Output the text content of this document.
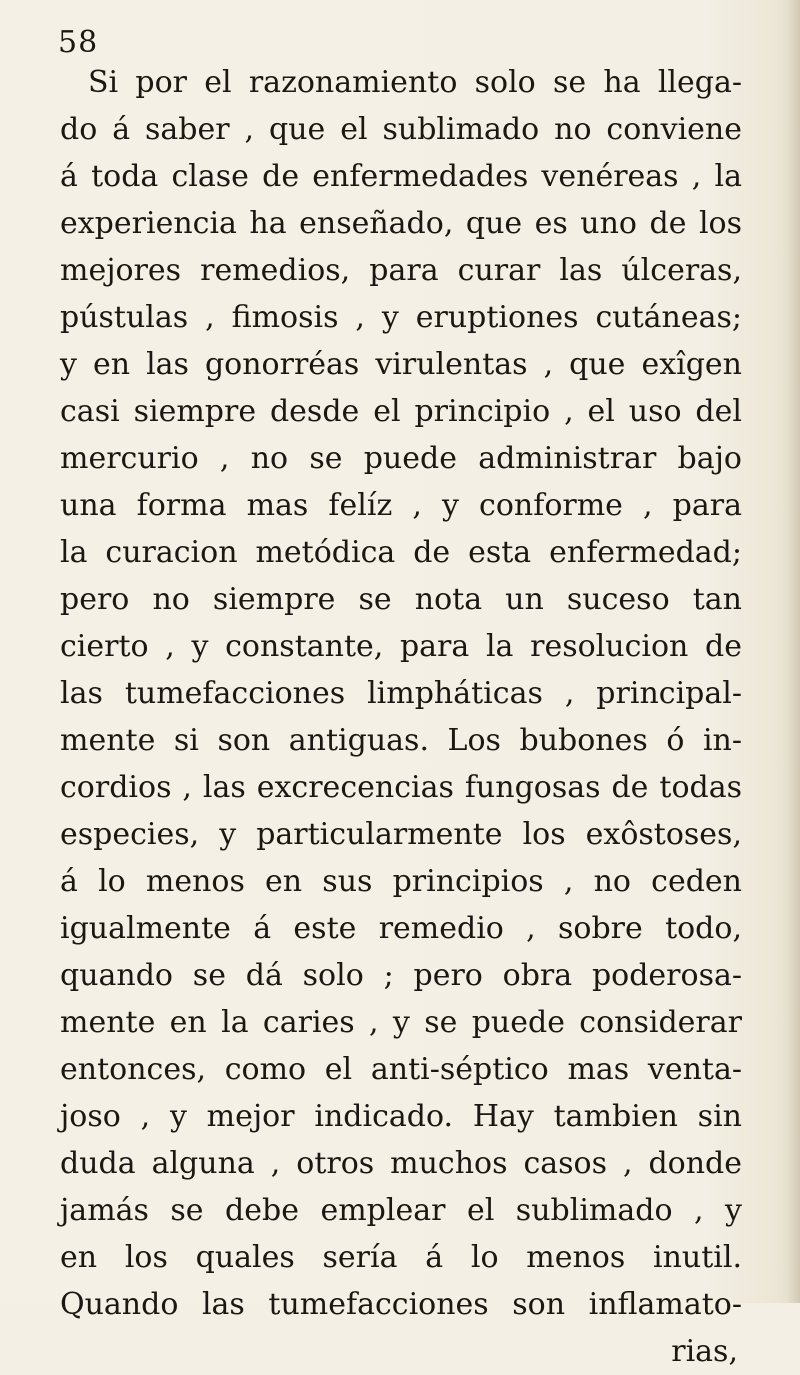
58
Si por el razonamiento solo se ha llega-
do á saber , que el sublimado no conviene
á toda clase de enfermedades venéreas , la
experiencia ha enseñado, que es uno de los
mejores remedios, para curar las úlceras,
pústulas , fimosis , y eruptiones cutáneas;
y en las gonorréas virulentas , que exîgen
casi siempre desde el principio , el uso del
mercurio , no se puede administrar bajo
una forma mas felíz , y conforme , para
la curacion metódica de esta enfermedad;
pero no siempre se nota un suceso tan
cierto , y constante, para la resolucion de
las tumefacciones limpháticas , principal-
mente si son antiguas. Los bubones ó in-
cordios , las excrecencias fungosas de todas
especies, y particularmente los exôstoses,
á lo menos en sus principios , no ceden
igualmente á este remedio , sobre todo,
quando se dá solo ; pero obra poderosa-
mente en la caries , y se puede considerar
entonces, como el anti-séptico mas venta-
joso , y mejor indicado. Hay tambien sin
duda alguna , otros muchos casos , donde
jamás se debe emplear el sublimado , y
en los quales sería á lo menos inutil.
Quando las tumefacciones son inflamato-
rias,
